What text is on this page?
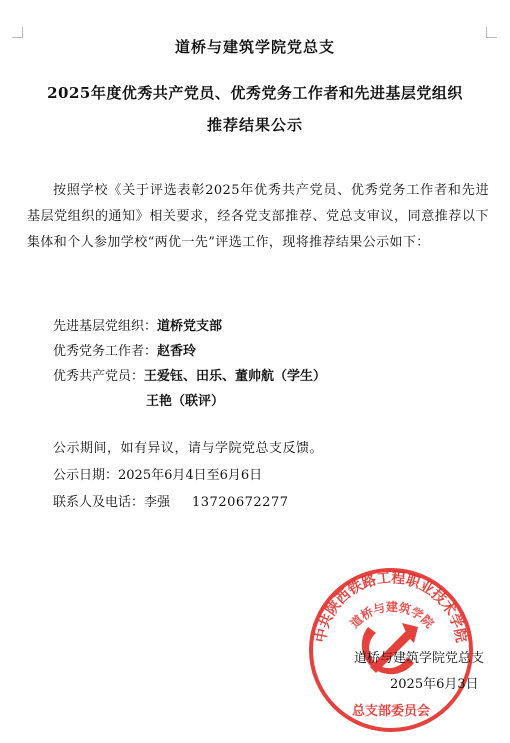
道桥与建筑学院党总支
2025年度优秀共产党员、优秀党务工作者和先进基层党组织
推荐结果公示
按照学校《关于评选表彰2025年优秀共产党员、优秀党务工作者和先进基层党组织的通知》相关要求，经各党支部推荐、党总支审议，同意推荐以下集体和个人参加学校“两优一先”评选工作，现将推荐结果公示如下：
先进基层党组织：道桥党支部
优秀党务工作者：赵香玲
优秀共产党员：王爱钰、田乐、董帅航（学生）
王艳（联评）
公示期间，如有异议，请与学院党总支反馈。
公示日期：2025年6月4日至6月6日
联系人及电话：李强 13720672277
中共陕西铁路工程职业技术学院
道桥与建筑学院
总支部委员会
道桥与建筑学院党总支
2025年6月3日
